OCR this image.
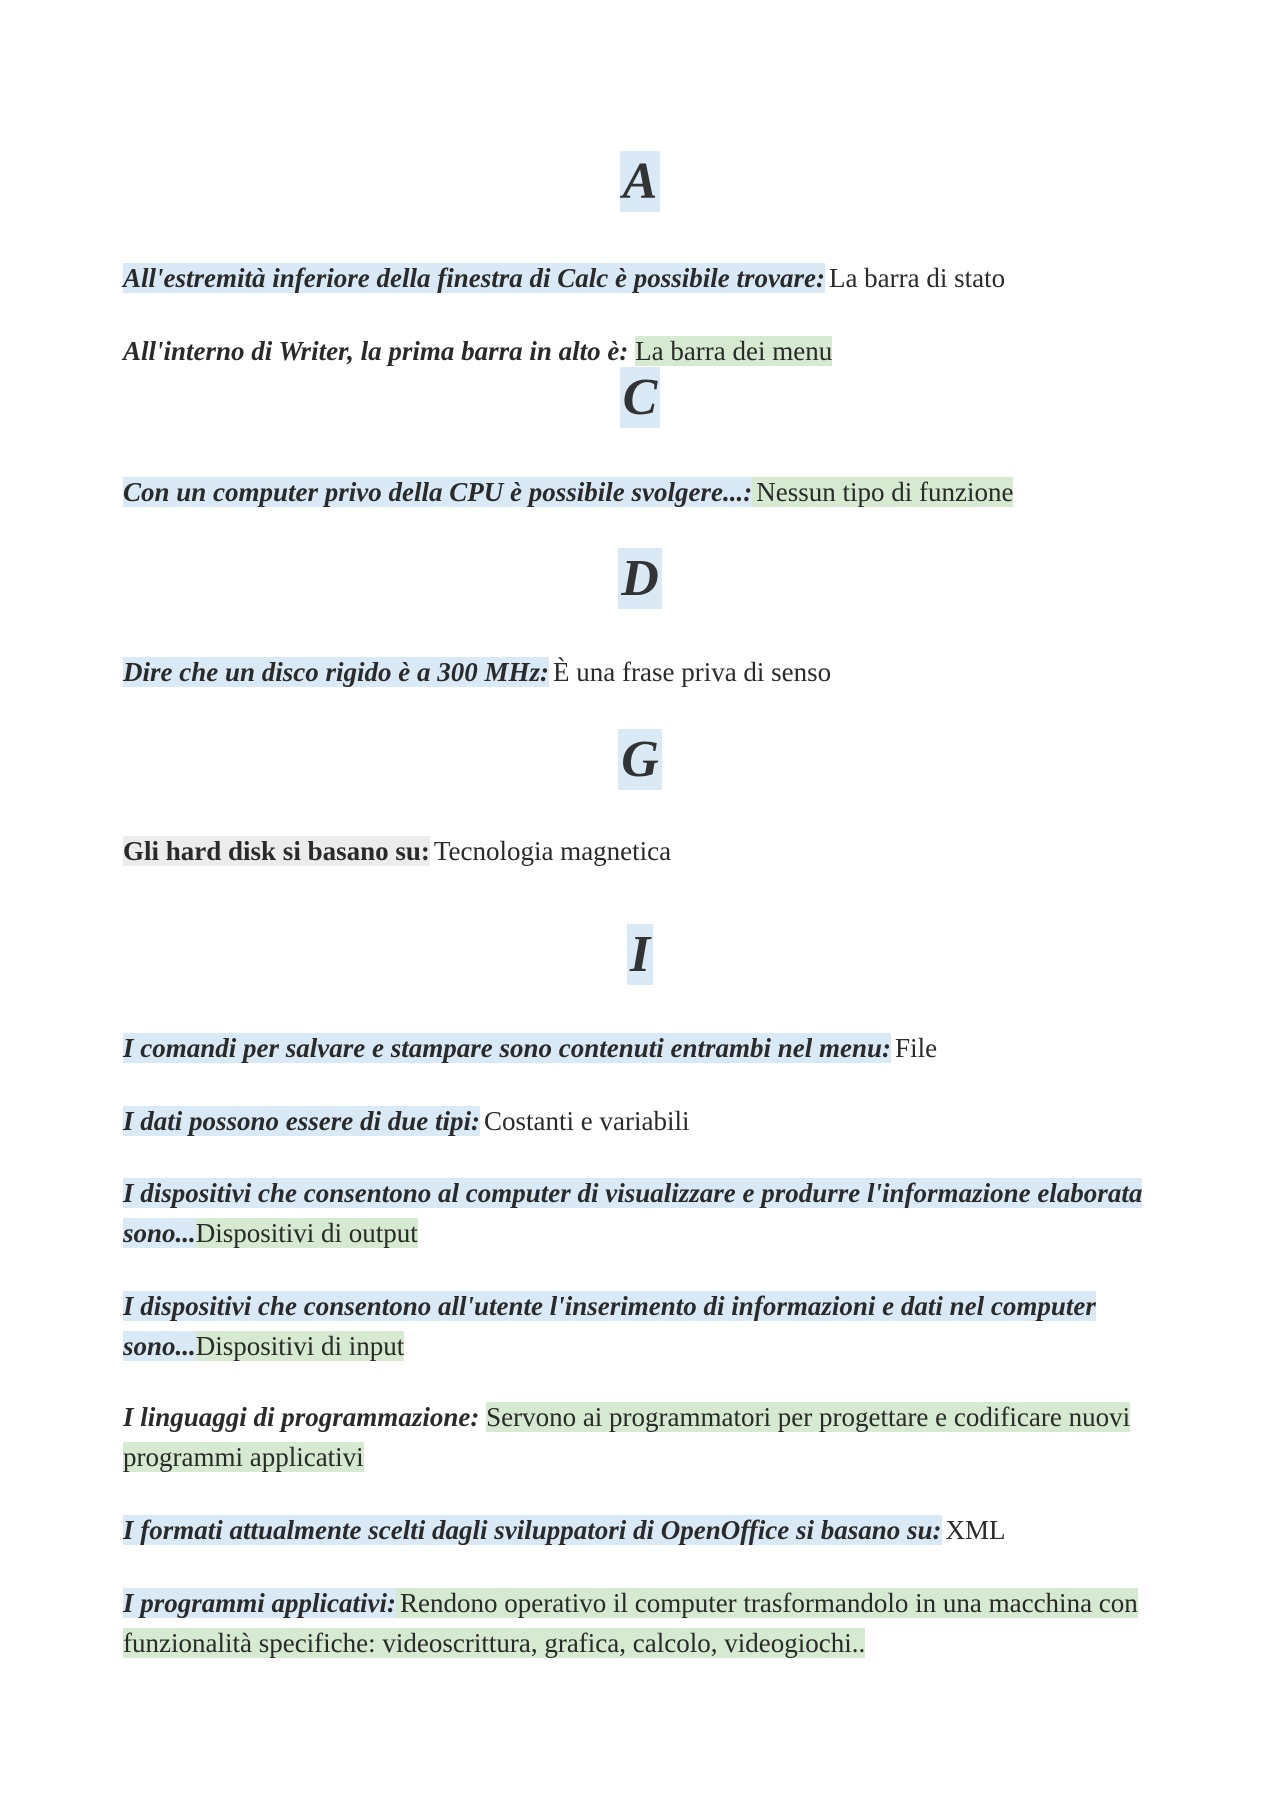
A
All'estremità inferiore della finestra di Calc è possibile trovare: La barra di stato
All'interno di Writer, la prima barra in alto è: La barra dei menu
C
Con un computer privo della CPU è possibile svolgere...: Nessun tipo di funzione
D
Dire che un disco rigido è a 300 MHz: È una frase priva di senso
G
Gli hard disk si basano su: Tecnologia magnetica
I
I comandi per salvare e stampare sono contenuti entrambi nel menu: File
I dati possono essere di due tipi: Costanti e variabili
I dispositivi che consentono al computer di visualizzare e produrre l'informazione elaborata sono...Dispositivi di output
I dispositivi che consentono all'utente l'inserimento di informazioni e dati nel computer sono...Dispositivi di input
I linguaggi di programmazione: Servono ai programmatori per progettare e codificare nuovi programmi applicativi
I formati attualmente scelti dagli sviluppatori di OpenOffice si basano su: XML
I programmi applicativi: Rendono operativo il computer trasformandolo in una macchina con funzionalità specifiche: videoscrittura, grafica, calcolo, videogiochi..
